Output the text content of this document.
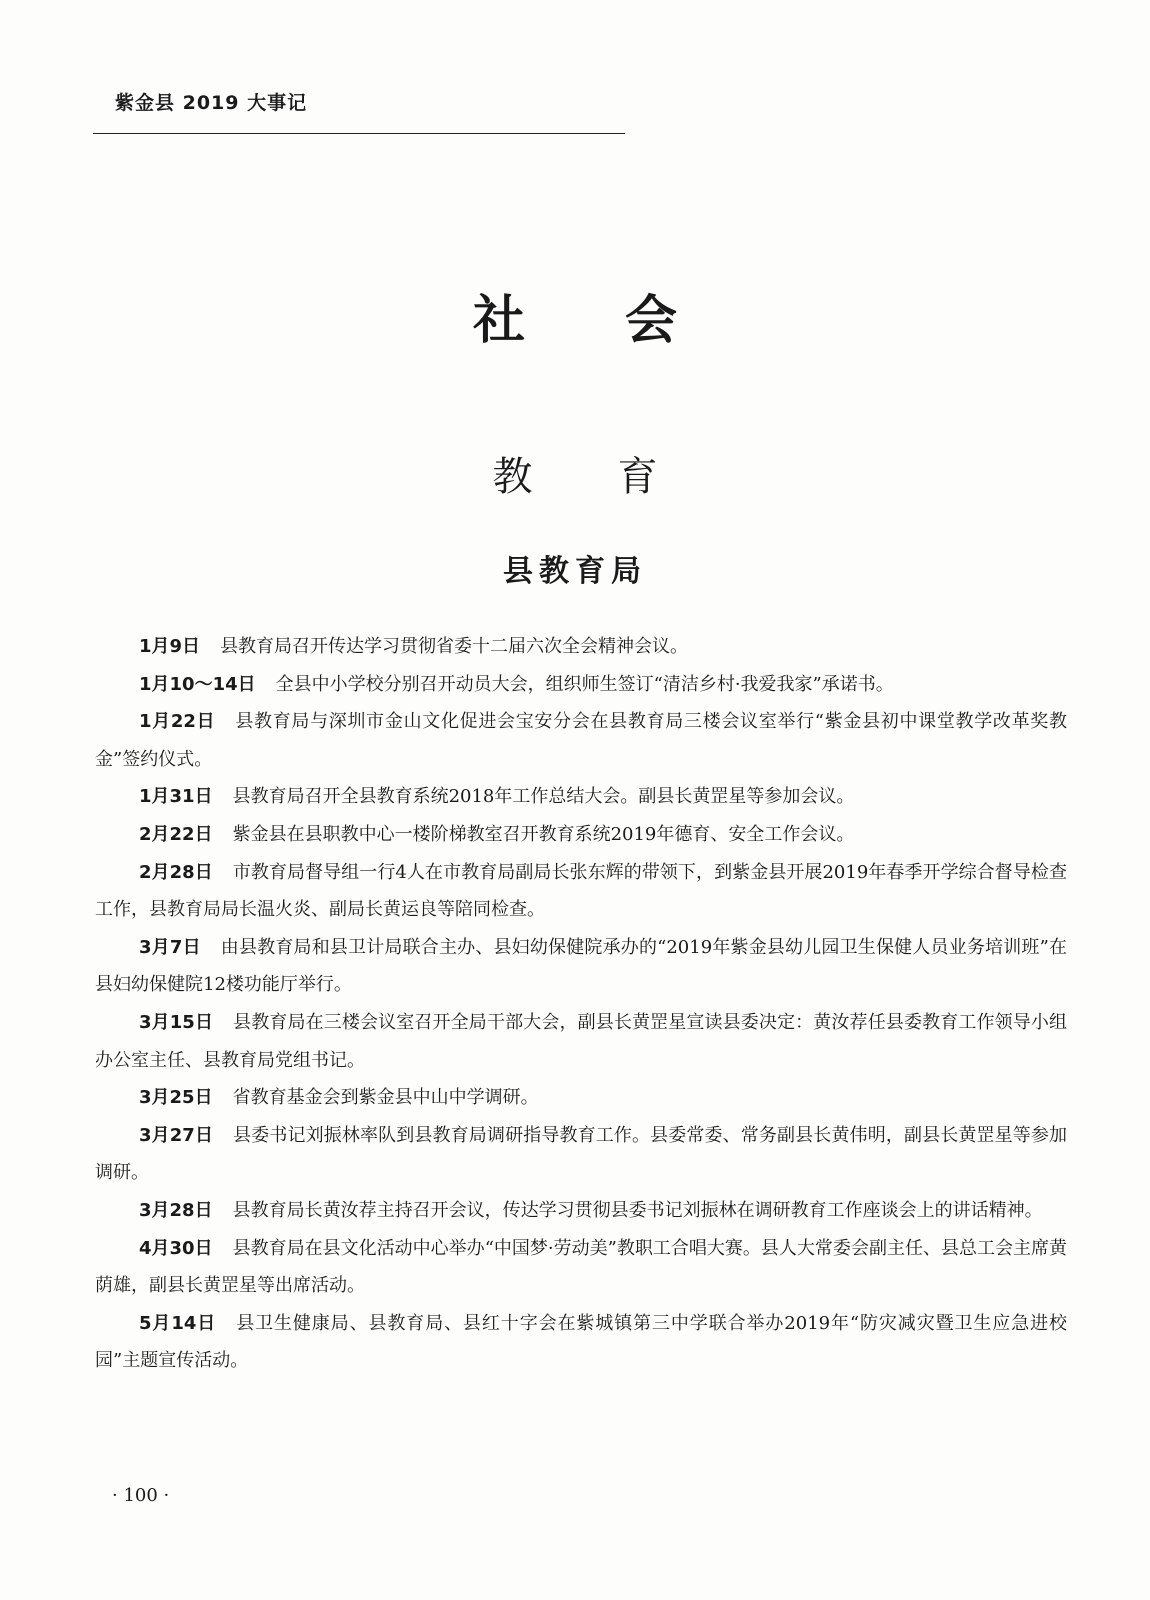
紫金县 2019 大事记
社会
教育
县教育局

1月9日 县教育局召开传达学习贯彻省委十二届六次全会精神会议。

1月10～14日 全县中小学校分别召开动员大会，组织师生签订“清洁乡村·我爱我家”承诺书。

1月22日 县教育局与深圳市金山文化促进会宝安分会在县教育局三楼会议室举行“紫金县初中课堂教学改革奖教金”签约仪式。

1月31日 县教育局召开全县教育系统2018年工作总结大会。副县长黄罡星等参加会议。

2月22日 紫金县在县职教中心一楼阶梯教室召开教育系统2019年德育、安全工作会议。

2月28日 市教育局督导组一行4人在市教育局副局长张东辉的带领下，到紫金县开展2019年春季开学综合督导检查工作，县教育局局长温火炎、副局长黄运良等陪同检查。

3月7日 由县教育局和县卫计局联合主办、县妇幼保健院承办的“2019年紫金县幼儿园卫生保健人员业务培训班”在县妇幼保健院12楼功能厅举行。

3月15日 县教育局在三楼会议室召开全局干部大会，副县长黄罡星宣读县委决定：黄汝荐任县委教育工作领导小组办公室主任、县教育局党组书记。

3月25日 省教育基金会到紫金县中山中学调研。

3月27日 县委书记刘振林率队到县教育局调研指导教育工作。县委常委、常务副县长黄伟明，副县长黄罡星等参加调研。

3月28日 县教育局长黄汝荐主持召开会议，传达学习贯彻县委书记刘振林在调研教育工作座谈会上的讲话精神。

4月30日 县教育局在县文化活动中心举办“中国梦·劳动美”教职工合唱大赛。县人大常委会副主任、县总工会主席黄荫雄，副县长黄罡星等出席活动。

5月14日 县卫生健康局、县教育局、县红十字会在紫城镇第三中学联合举办2019年“防灾减灾暨卫生应急进校园”主题宣传活动。

· 100 ·
